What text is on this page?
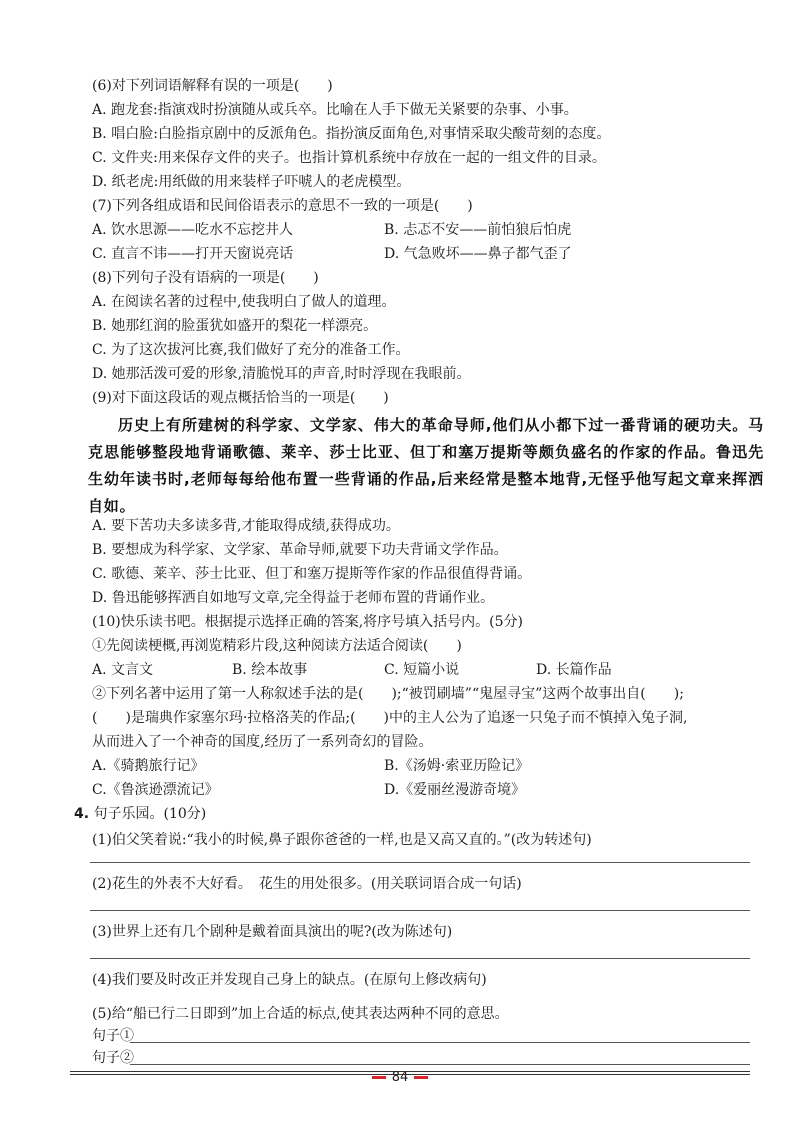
(6)对下列词语解释有误的一项是(　　)
A. 跑龙套:指演戏时扮演随从或兵卒。比喻在人手下做无关紧要的杂事、小事。
B. 唱白脸:白脸指京剧中的反派角色。指扮演反面角色,对事情采取尖酸苛刻的态度。
C. 文件夹:用来保存文件的夹子。也指计算机系统中存放在一起的一组文件的目录。
D. 纸老虎:用纸做的用来装样子吓唬人的老虎模型。
(7)下列各组成语和民间俗语表示的意思不一致的一项是(　　)
A. 饮水思源——吃水不忘挖井人	B. 忐忑不安——前怕狼后怕虎
C. 直言不讳——打开天窗说亮话	D. 气急败坏——鼻子都气歪了
(8)下列句子没有语病的一项是(　　)
A. 在阅读名著的过程中,使我明白了做人的道理。
B. 她那红润的脸蛋犹如盛开的梨花一样漂亮。
C. 为了这次拔河比赛,我们做好了充分的准备工作。
D. 她那活泼可爱的形象,清脆悦耳的声音,时时浮现在我眼前。
(9)对下面这段话的观点概括恰当的一项是(　　)

历史上有所建树的科学家、文学家、伟大的革命导师,他们从小都下过一番背诵的硬功夫。马克思能够整段地背诵歌德、莱辛、莎士比亚、但丁和塞万提斯等颇负盛名的作家的作品。鲁迅先生幼年读书时,老师每每给他布置一些背诵的作品,后来经常是整本地背,无怪乎他写起文章来挥洒自如。

A. 要下苦功夫多读多背,才能取得成绩,获得成功。
B. 要想成为科学家、文学家、革命导师,就要下功夫背诵文学作品。
C. 歌德、莱辛、莎士比亚、但丁和塞万提斯等作家的作品很值得背诵。
D. 鲁迅能够挥洒自如地写文章,完全得益于老师布置的背诵作业。
(10)快乐读书吧。根据提示选择正确的答案,将序号填入括号内。(5分)
①先阅读梗概,再浏览精彩片段,这种阅读方法适合阅读(　　)
A. 文言文	B. 绘本故事	C. 短篇小说	D. 长篇作品
②下列名著中运用了第一人称叙述手法的是(　　);“被罚刷墙”“鬼屋寻宝”这两个故事出自(　　);
(　　)是瑞典作家塞尔玛·拉格洛芙的作品;(　　)中的主人公为了追逐一只兔子而不慎掉入兔子洞,
从而进入了一个神奇的国度,经历了一系列奇幻的冒险。
A.《骑鹅旅行记》	B.《汤姆·索亚历险记》
C.《鲁滨逊漂流记》	D.《爱丽丝漫游奇境》
4. 句子乐园。(10分)
(1)伯父笑着说:“我小的时候,鼻子跟你爸爸的一样,也是又高又直的。”(改为转述句)
(2)花生的外表不大好看。　花生的用处很多。(用关联词语合成一句话)
(3)世界上还有几个剧种是戴着面具演出的呢?(改为陈述句)
(4)我们要及时改正并发现自己身上的缺点。(在原句上修改病句)
(5)给“船已行二日即到”加上合适的标点,使其表达两种不同的意思。
句子①
句子②
84
